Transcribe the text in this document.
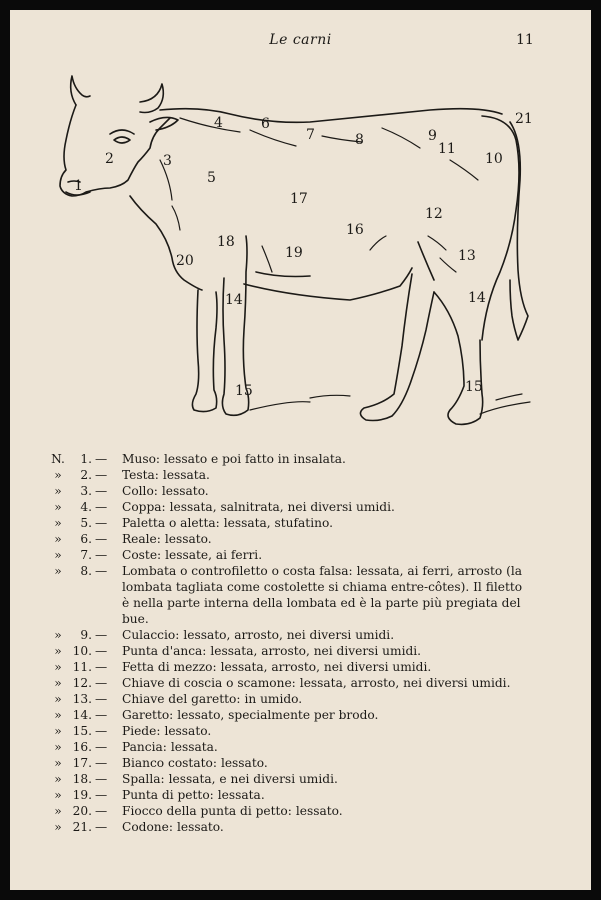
Le carni	11
1
2	3
4
5
6
7	8	9
11
10
21
17
16
12
13
18
19
20
14	14
15	15
N.	1. — Muso: lessato e poi fatto in insalata.
»	2. — Testa: lessata.
»	3. — Collo: lessato.
»	4. — Coppa: lessata, salnitrata, nei diversi umidi.
»	5. — Paletta o aletta: lessata, stufatino.
»	6. — Reale: lessato.
»	7. — Coste: lessate, ai ferri.
»	8. — Lombata o controfiletto o costa falsa: lessata, ai ferri, arrosto (la lombata tagliata come costolette si chiama entre-côtes). Il filetto è nella parte interna della lombata ed è la parte più pregiata del bue.
»	9. — Culaccio: lessato, arrosto, nei diversi umidi.
» 10. — Punta d'anca: lessata, arrosto, nei diversi umidi.
» 11. — Fetta di mezzo: lessata, arrosto, nei diversi umidi.
» 12. — Chiave di coscia o scamone: lessata, arrosto, nei diversi umidi.
» 13. — Chiave del garetto: in umido.
» 14. — Garetto: lessato, specialmente per brodo.
» 15. — Piede: lessato.
» 16. — Pancia: lessata.
» 17. — Bianco costato: lessato.
» 18. — Spalla: lessata, e nei diversi umidi.
» 19. — Punta di petto: lessata.
» 20. — Fiocco della punta di petto: lessato.
» 21. — Codone: lessato.
